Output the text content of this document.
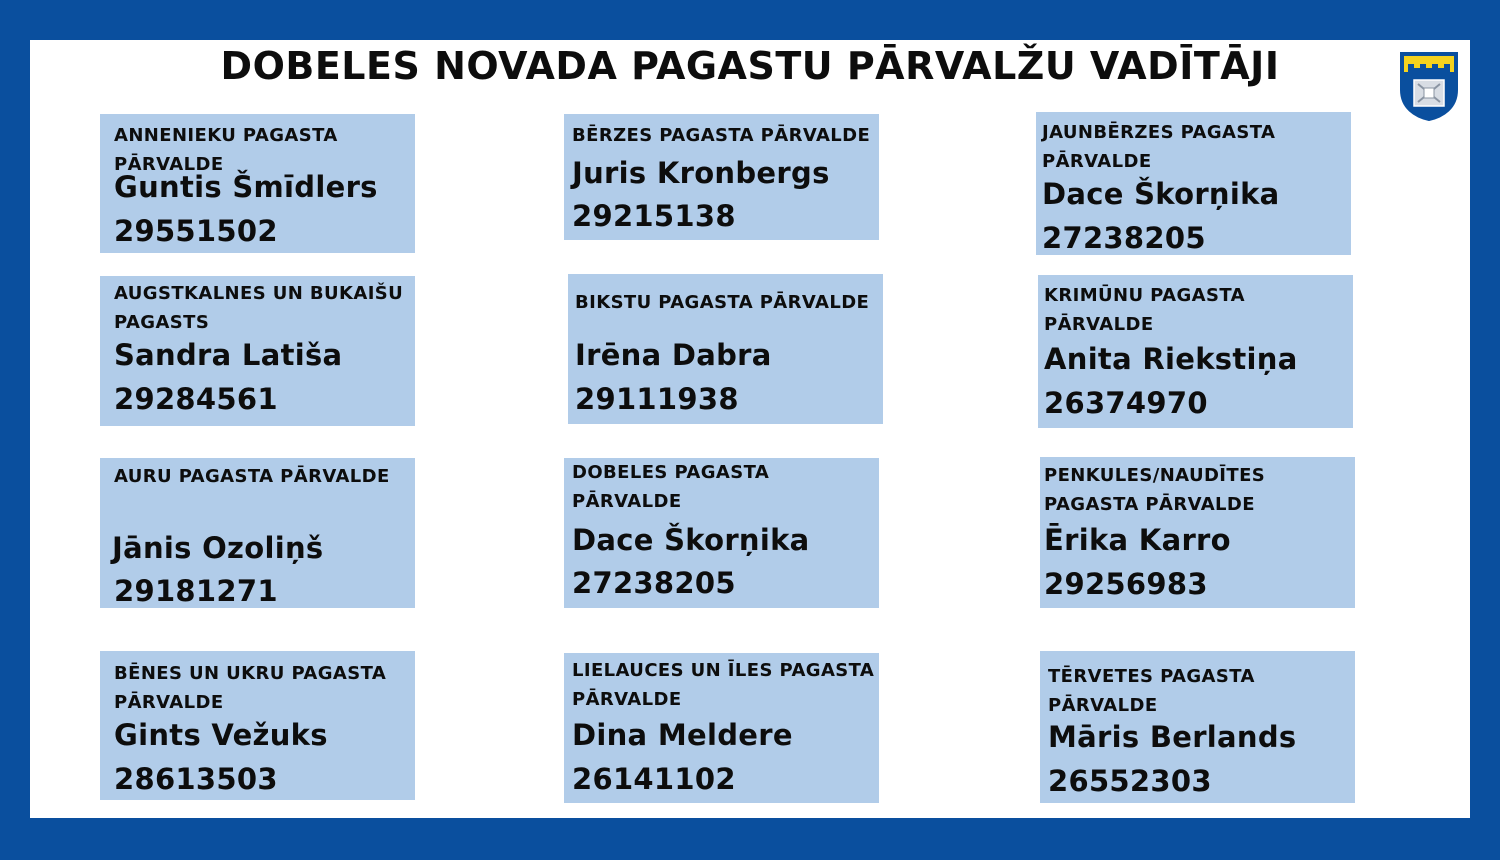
DOBELES NOVADA PAGASTU PĀRVALŽU VADĪTĀJI
ANNENIEKU PAGASTA PĀRVALDE
Guntis Šmīdlers
29551502
BĒRZES PAGASTA PĀRVALDE
Juris Kronbergs
29215138
JAUNBĒRZES PAGASTA PĀRVALDE
Dace Škorņika
27238205
AUGSTKALNES UN BUKAIŠU PAGASTS
Sandra Latiša
29284561
BIKSTU PAGASTA PĀRVALDE
Irēna Dabra
29111938
KRIMŪNU PAGASTA PĀRVALDE
Anita Riekstiņa
26374970
AURU PAGASTA PĀRVALDE
Jānis Ozoliņš
29181271
DOBELES PAGASTA PĀRVALDE
Dace Škorņika
27238205
PENKULES/NAUDĪTES PAGASTA PĀRVALDE
Ērika Karro
29256983
BĒNES UN UKRU PAGASTA PĀRVALDE
Gints Vežuks
28613503
LIELAUCES UN ĪLES PAGASTA PĀRVALDE
Dina Meldere
26141102
TĒRVETES PAGASTA PĀRVALDE
Māris Berlands
26552303
